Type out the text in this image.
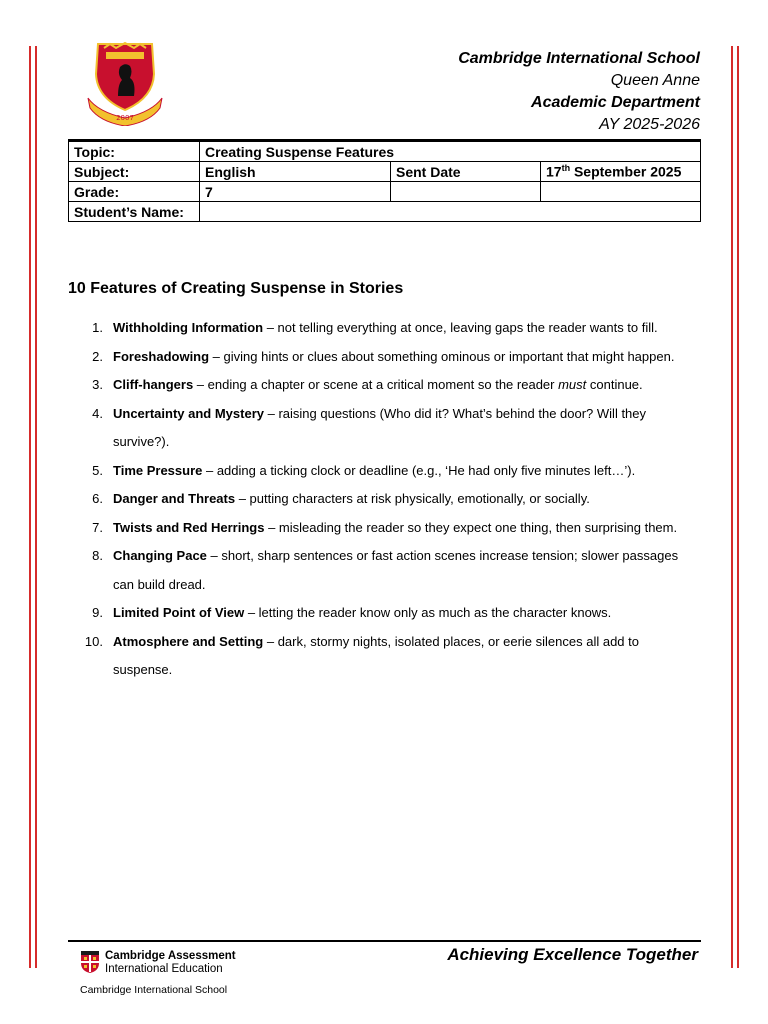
2007
Cambridge International School
Queen Anne
Academic Department
AY 2025-2026
Topic:	Creating Suspense Features		
Subject:	English	Sent Date	17th September 2025
Grade:	7		
Student’s Name:			
10 Features of Creating Suspense in Stories
1. Withholding Information – not telling everything at once, leaving gaps the reader wants to fill.
2. Foreshadowing – giving hints or clues about something ominous or important that might happen.
3. Cliff-hangers – ending a chapter or scene at a critical moment so the reader must continue.
4. Uncertainty and Mystery – raising questions (Who did it? What’s behind the door? Will they survive?).
5. Time Pressure – adding a ticking clock or deadline (e.g., ‘He had only five minutes left…’).
6. Danger and Threats – putting characters at risk physically, emotionally, or socially.
7. Twists and Red Herrings – misleading the reader so they expect one thing, then surprising them.
8. Changing Pace – short, sharp sentences or fast action scenes increase tension; slower passages can build dread.
9. Limited Point of View – letting the reader know only as much as the character knows.
10. Atmosphere and Setting – dark, stormy nights, isolated places, or eerie silences all add to suspense.
Cambridge Assessment
International Education
Cambridge International School
Achieving Excellence Together
